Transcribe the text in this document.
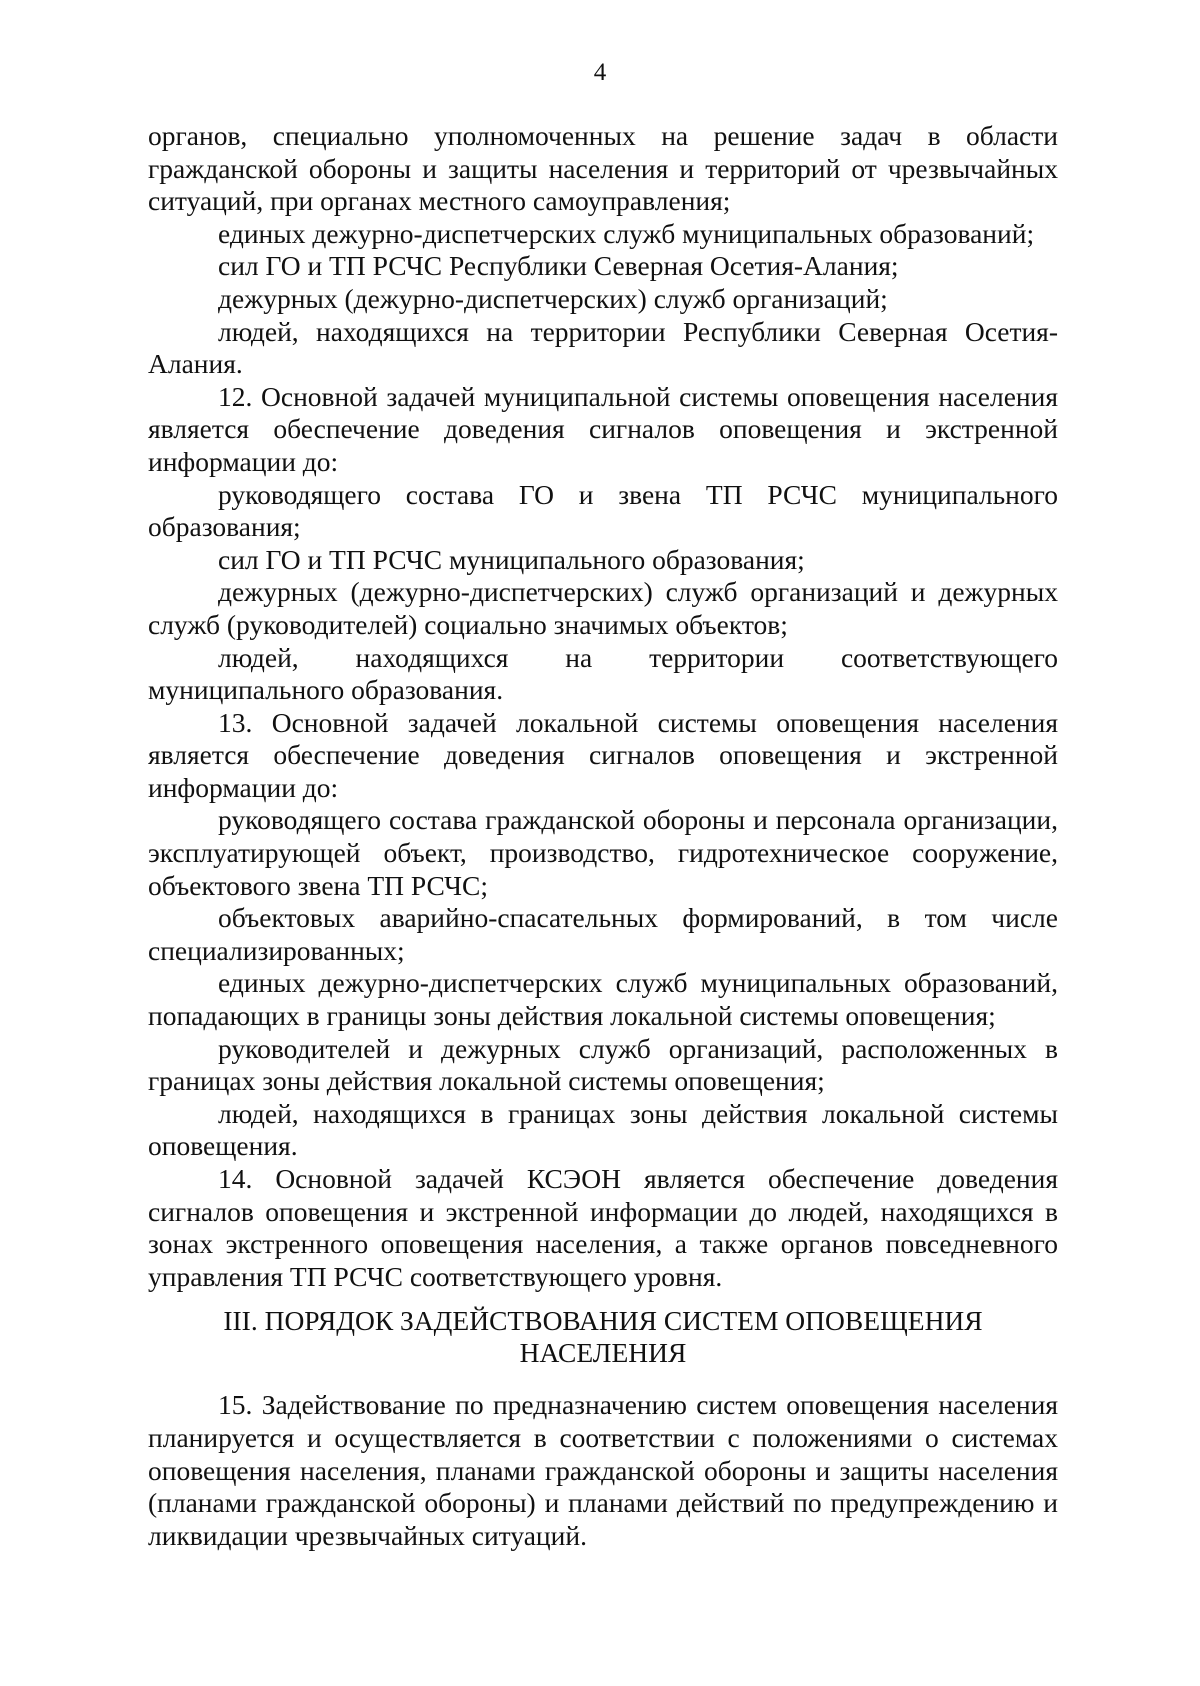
4

органов, специально уполномоченных на решение задач в области гражданской обороны и защиты населения и территорий от чрезвычайных ситуаций, при органах местного самоуправления;

единых дежурно-диспетчерских служб муниципальных образований;

сил ГО и ТП РСЧС Республики Северная Осетия-Алания;

дежурных (дежурно-диспетчерских) служб организаций;

людей, находящихся на территории Республики Северная Осетия-Алания.

12. Основной задачей муниципальной системы оповещения населения является обеспечение доведения сигналов оповещения и экстренной информации до:

руководящего состава ГО и звена ТП РСЧС муниципального образования;

сил ГО и ТП РСЧС муниципального образования;

дежурных (дежурно-диспетчерских) служб организаций и дежурных служб (руководителей) социально значимых объектов;

людей, находящихся на территории соответствующего муниципального образования.

13. Основной задачей локальной системы оповещения населения является обеспечение доведения сигналов оповещения и экстренной информации до:

руководящего состава гражданской обороны и персонала организации, эксплуатирующей объект, производство, гидротехническое сооружение, объектового звена ТП РСЧС;

объектовых аварийно-спасательных формирований, в том числе специализированных;

единых дежурно-диспетчерских служб муниципальных образований, попадающих в границы зоны действия локальной системы оповещения;

руководителей и дежурных служб организаций, расположенных в границах зоны действия локальной системы оповещения;

людей, находящихся в границах зоны действия локальной системы оповещения.

14. Основной задачей КСЭОН является обеспечение доведения сигналов оповещения и экстренной информации до людей, находящихся в зонах экстренного оповещения населения, а также органов повседневного управления ТП РСЧС соответствующего уровня.

III. ПОРЯДОК ЗАДЕЙСТВОВАНИЯ СИСТЕМ ОПОВЕЩЕНИЯ
НАСЕЛЕНИЯ

15. Задействование по предназначению систем оповещения населения планируется и осуществляется в соответствии с положениями о системах оповещения населения, планами гражданской обороны и защиты населения (планами гражданской обороны) и планами действий по предупреждению и ликвидации чрезвычайных ситуаций.
